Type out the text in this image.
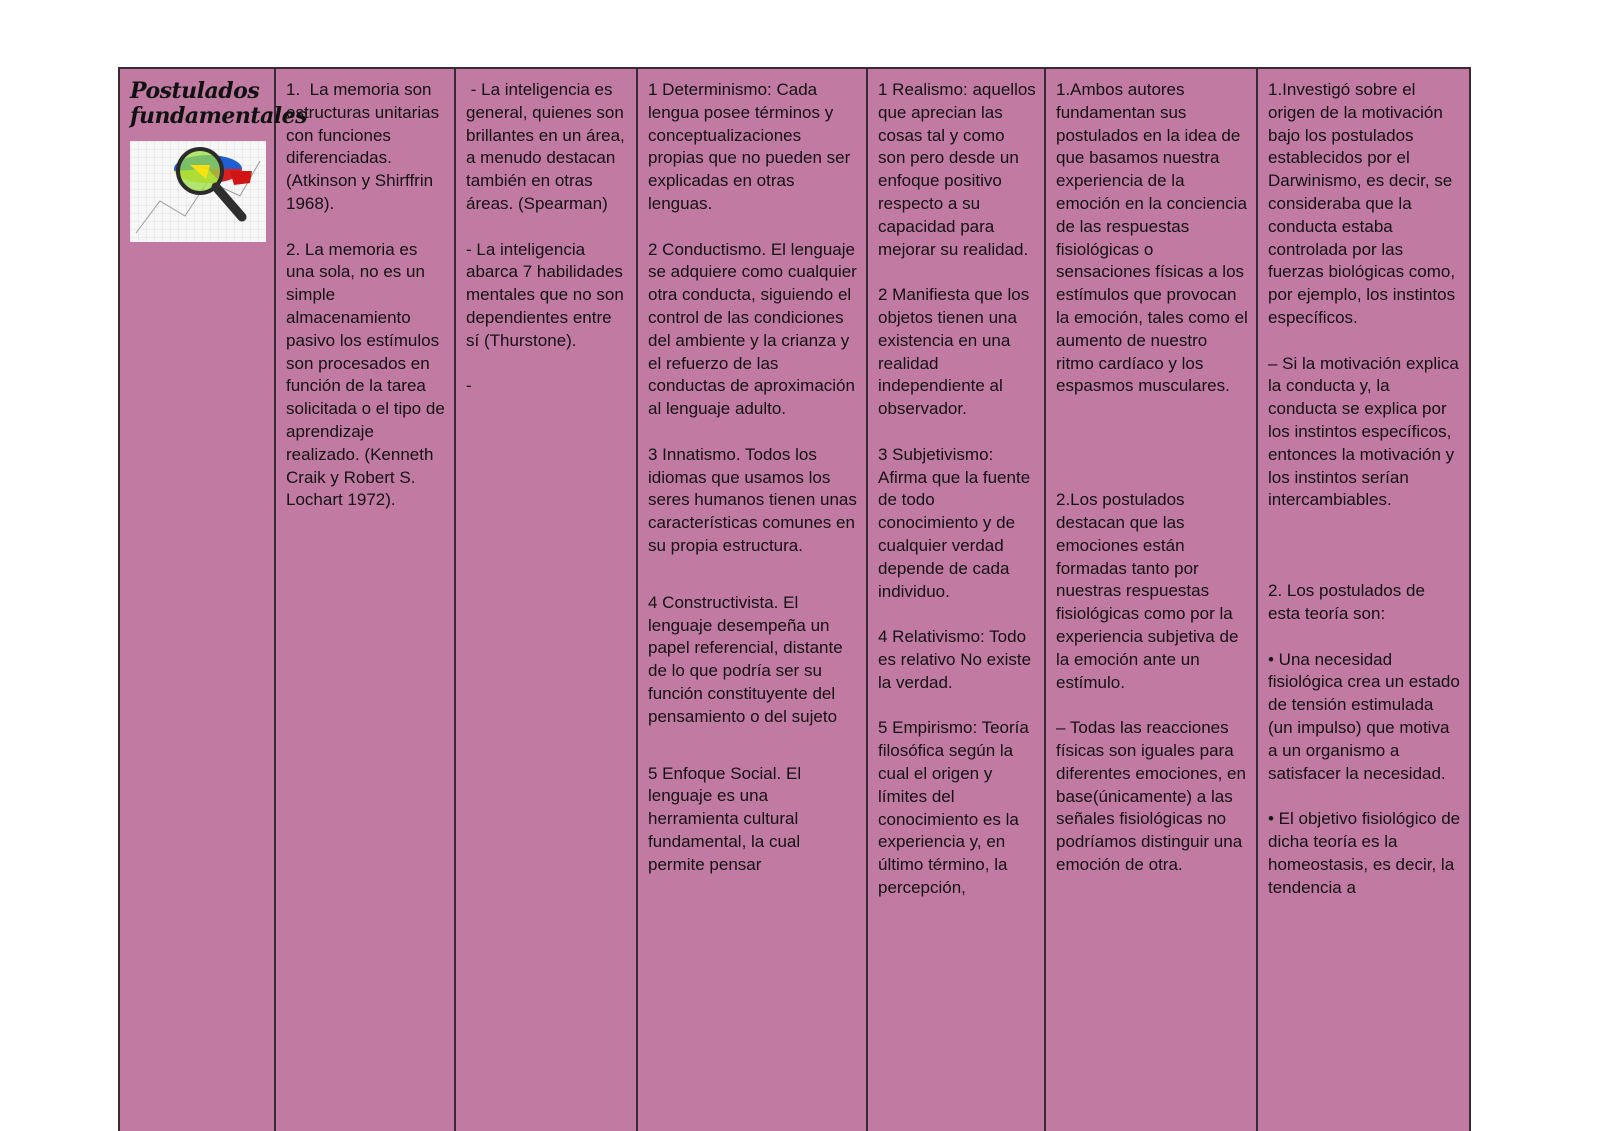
Postulados fundamentales

1.  La memoria son estructuras unitarias con funciones diferenciadas. (Atkinson y Shirffrin 1968).

2. La memoria es una sola, no es un simple almacenamiento pasivo los estímulos son procesados en función de la tarea solicitada o el tipo de aprendizaje realizado. (Kenneth Craik y Robert S. Lochart 1972).

- La inteligencia es general, quienes son brillantes en un área, a menudo destacan  también en otras áreas. (Spearman)

- La inteligencia abarca 7 habilidades mentales que no son dependientes entre sí (Thurstone).

-

1 Determinismo: Cada lengua posee términos y conceptualizaciones propias que no pueden ser explicadas en otras lenguas.

2 Conductismo. El lenguaje se adquiere como cualquier otra conducta, siguiendo el control de las condiciones del ambiente y la crianza y el refuerzo de las conductas de aproximación al lenguaje adulto.

3 Innatismo. Todos los idiomas que usamos los seres humanos tienen unas características comunes en su propia estructura.

4 Constructivista. El lenguaje desempeña un papel referencial, distante de lo que podría ser su función constituyente del pensamiento o del sujeto

5 Enfoque Social. El lenguaje es una herramienta cultural fundamental, la cual permite pensar

1 Realismo: aquellos que aprecian las cosas tal y como son pero desde un enfoque positivo respecto a su capacidad para mejorar su realidad.

2 Manifiesta que los objetos tienen una existencia en una realidad independiente al observador.

3 Subjetivismo: Afirma que la fuente de todo conocimiento y de cualquier verdad depende de cada individuo.

4 Relativismo: Todo es relativo No existe la verdad.

5 Empirismo: Teoría filosófica según la cual el origen y límites del conocimiento es la experiencia y, en último término, la percepción,

1.Ambos autores fundamentan sus postulados en la idea de que basamos nuestra experiencia de la emoción en la conciencia de las respuestas fisiológicas o sensaciones físicas a los estímulos que provocan la emoción, tales como el aumento de nuestro ritmo cardíaco y los espasmos musculares.

2.Los postulados destacan que las emociones están formadas tanto por nuestras respuestas fisiológicas como por la experiencia subjetiva de la emoción ante un estímulo.

– Todas las reacciones físicas son iguales para diferentes emociones, en base(únicamente) a las señales fisiológicas no podríamos distinguir una emoción de otra.

1.Investigó sobre el origen de la motivación bajo los postulados establecidos por el Darwinismo, es decir, se consideraba que la conducta estaba controlada por las fuerzas biológicas como, por ejemplo, los instintos específicos.

– Si la motivación explica la conducta y, la conducta se explica por los instintos específicos, entonces la motivación y los instintos serían intercambiables.

2. Los postulados de esta teoría son:

• Una necesidad fisiológica crea un estado de tensión estimulada (un impulso) que motiva a un organismo a satisfacer la necesidad.

• El objetivo fisiológico de dicha teoría es la homeostasis, es decir, la tendencia a
